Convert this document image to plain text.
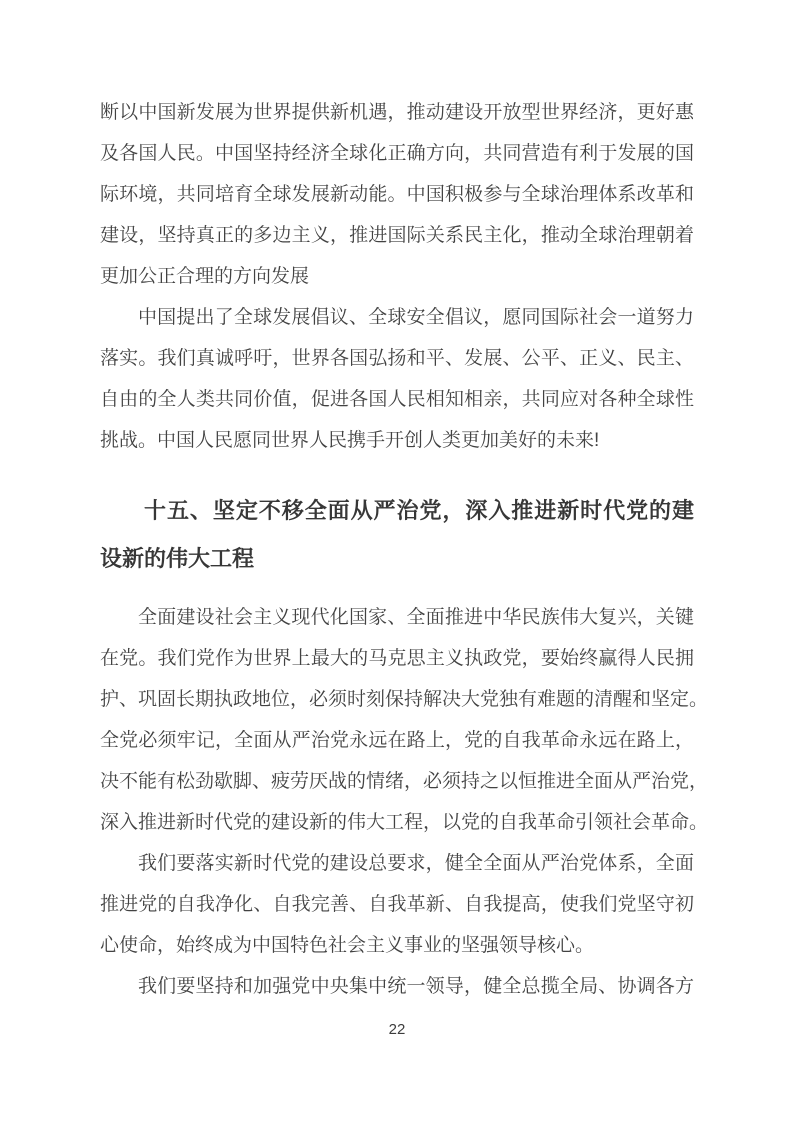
断以中国新发展为世界提供新机遇，推动建设开放型世界经济，更好惠
及各国人民。中国坚持经济全球化正确方向，共同营造有利于发展的国
际环境，共同培育全球发展新动能。中国积极参与全球治理体系改革和
建设，坚持真正的多边主义，推进国际关系民主化，推动全球治理朝着
更加公正合理的方向发展
中国提出了全球发展倡议、全球安全倡议，愿同国际社会一道努力
落实。我们真诚呼吁，世界各国弘扬和平、发展、公平、正义、民主、
自由的全人类共同价值，促进各国人民相知相亲，共同应对各种全球性
挑战。中国人民愿同世界人民携手开创人类更加美好的未来!
十五、坚定不移全面从严治党，深入推进新时代党的建
设新的伟大工程
全面建设社会主义现代化国家、全面推进中华民族伟大复兴，关键
在党。我们党作为世界上最大的马克思主义执政党，要始终赢得人民拥
护、巩固长期执政地位，必须时刻保持解决大党独有难题的清醒和坚定。
全党必须牢记，全面从严治党永远在路上，党的自我革命永远在路上，
决不能有松劲歇脚、疲劳厌战的情绪，必须持之以恒推进全面从严治党，
深入推进新时代党的建设新的伟大工程，以党的自我革命引领社会革命。
我们要落实新时代党的建设总要求，健全全面从严治党体系，全面
推进党的自我净化、自我完善、自我革新、自我提高，使我们党坚守初
心使命，始终成为中国特色社会主义事业的坚强领导核心。
我们要坚持和加强党中央集中统一领导，健全总揽全局、协调各方
22
